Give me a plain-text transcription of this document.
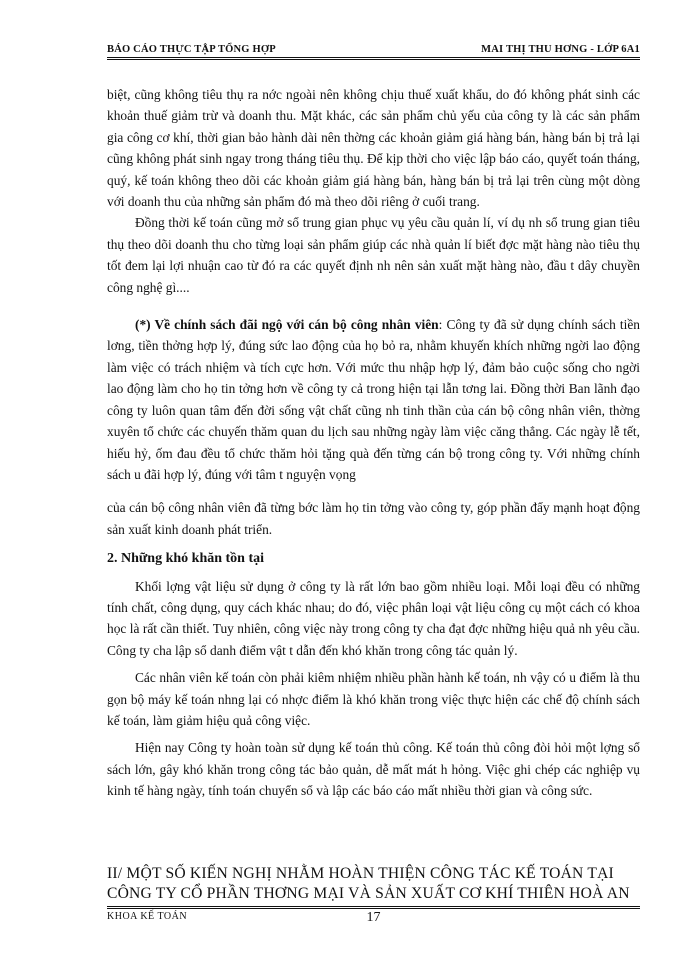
BÁO CÁO THỰC TẬP TỔNG HỢP	MAI THỊ THU HƠNG - LỚP 6A1

biệt, cũng không tiêu thụ ra nớc ngoài nên không chịu thuế xuất khẩu, do đó không phát sinh các khoản thuế giảm trừ và doanh thu. Mặt khác, các sản phẩm chủ yếu của công ty là các sản phẩm gia công cơ khí, thời gian bảo hành dài nên thờng các khoản giảm giá hàng bán, hàng bán bị trả lại cũng không phát sinh ngay trong tháng tiêu thụ. Để kịp thời cho việc lập báo cáo, quyết toán tháng, quý, kế toán không theo dõi các khoản giảm giá hàng bán, hàng bán bị trả lại trên cùng một dòng với doanh thu của những sản phẩm đó mà theo dõi riêng ở cuối trang.

Đồng thời kế toán cũng mở sổ trung gian phục vụ yêu cầu quản lí, ví dụ nh sổ trung gian tiêu thụ theo dõi doanh thu cho từng loại sản phẩm giúp các nhà quản lí biết đợc mặt hàng nào tiêu thụ tốt đem lại lợi nhuận cao từ đó ra các quyết định nh nên sản xuất mặt hàng nào, đầu t dây chuyền công nghệ gì....

(*) Về chính sách đãi ngộ với cán bộ công nhân viên: Công ty đã sử dụng chính sách tiền lơng, tiền thởng hợp lý, đúng sức lao động của họ bỏ ra, nhằm khuyến khích những ngời lao động làm việc có trách nhiệm và tích cực hơn. Với mức thu nhập hợp lý, đảm bảo cuộc sống cho ngời lao động làm cho họ tin tởng hơn về công ty cả trong hiện tại lẫn tơng lai. Đồng thời Ban lãnh đạo công ty luôn quan tâm đến đời sống vật chất cũng nh tinh thần của cán bộ công nhân viên, thờng xuyên tổ chức các chuyến thăm quan du lịch sau những ngày làm việc căng thẳng. Các ngày lễ tết, hiếu hỷ, ốm đau đều tổ chức thăm hỏi tặng quà đến từng cán bộ trong công ty. Với những chính sách u đãi hợp lý, đúng với tâm t nguyện vọng

của cán bộ công nhân viên đã từng bớc làm họ tin tởng vào công ty, góp phần đẩy mạnh hoạt động sản xuất kinh doanh phát triển.

2. Những khó khăn tồn tại

Khối lợng vật liệu sử dụng ở công ty là rất lớn bao gồm nhiều loại. Mỗi loại đều có những tính chất, công dụng, quy cách khác nhau; do đó, việc phân loại vật liệu công cụ một cách có khoa học là rất cần thiết. Tuy nhiên, công việc này trong công ty cha đạt đợc những hiệu quả nh yêu cầu. Công ty cha lập sổ danh điểm vật t dẫn đến khó khăn trong công tác quản lý.

Các nhân viên kế toán còn phải kiêm nhiệm nhiều phần hành kế toán, nh vậy có u điểm là thu gọn bộ máy kế toán nhng lại có nhợc điểm là khó khăn trong việc thực hiện các chế độ chính sách kế toán, làm giảm hiệu quả công việc.

Hiện nay Công ty hoàn toàn sử dụng kế toán thủ công. Kế toán thủ công đòi hỏi một lợng sổ sách lớn, gây khó khăn trong công tác bảo quản, dễ mất mát h hỏng. Việc ghi chép các nghiệp vụ kinh tế hàng ngày, tính toán chuyển sổ và lập các báo cáo mất nhiều thời gian và công sức.

II/ MỘT SỐ KIẾN NGHỊ NHẰM HOÀN THIỆN CÔNG TÁC KẾ TOÁN TẠI
CÔNG TY CỔ PHẦN THƠNG MẠI VÀ SẢN XUẤT CƠ KHÍ THIÊN HOÀ AN
KHOA KẾ TOÁN	17
